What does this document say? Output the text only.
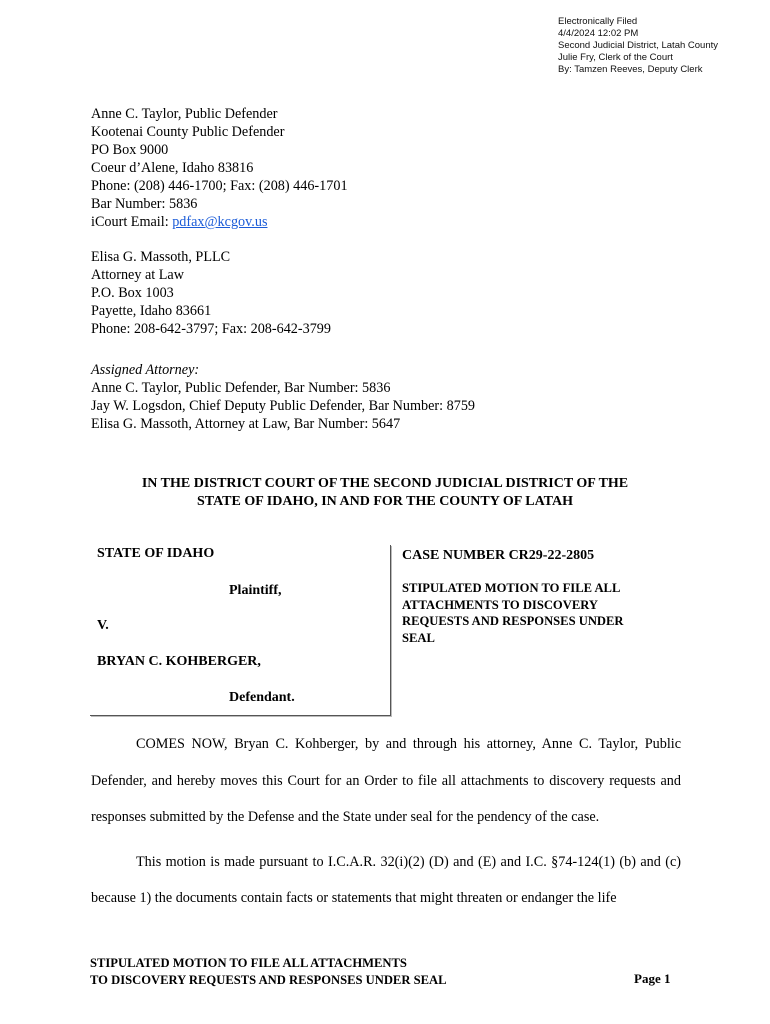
Electronically Filed
4/4/2024 12:02 PM
Second Judicial District, Latah County
Julie Fry, Clerk of the Court
By: Tamzen Reeves, Deputy Clerk
Anne C. Taylor, Public Defender
Kootenai County Public Defender
PO Box 9000
Coeur d’Alene, Idaho 83816
Phone: (208) 446-1700; Fax: (208) 446-1701
Bar Number: 5836
iCourt Email: pdfax@kcgov.us
Elisa G. Massoth, PLLC
Attorney at Law
P.O. Box 1003
Payette, Idaho 83661
Phone: 208-642-3797; Fax: 208-642-3799
Assigned Attorney:
Anne C. Taylor, Public Defender, Bar Number: 5836
Jay W. Logsdon, Chief Deputy Public Defender, Bar Number: 8759
Elisa G. Massoth, Attorney at Law, Bar Number: 5647
IN THE DISTRICT COURT OF THE SECOND JUDICIAL DISTRICT OF THE
STATE OF IDAHO, IN AND FOR THE COUNTY OF LATAH
STATE OF IDAHO
Plaintiff,
V.
BRYAN C. KOHBERGER,
Defendant.
CASE NUMBER CR29-22-2805
STIPULATED MOTION TO FILE ALL
ATTACHMENTS TO DISCOVERY
REQUESTS AND RESPONSES UNDER
SEAL

COMES NOW, Bryan C. Kohberger, by and through his attorney, Anne C. Taylor, Public Defender, and hereby moves this Court for an Order to file all attachments to discovery requests and responses submitted by the Defense and the State under seal for the pendency of the case.

This motion is made pursuant to I.C.A.R. 32(i)(2) (D) and (E) and I.C. §74-124(1) (b) and (c) because 1) the documents contain facts or statements that might threaten or endanger the life

STIPULATED MOTION TO FILE ALL ATTACHMENTS
TO DISCOVERY REQUESTS AND RESPONSES UNDER SEAL	Page 1
